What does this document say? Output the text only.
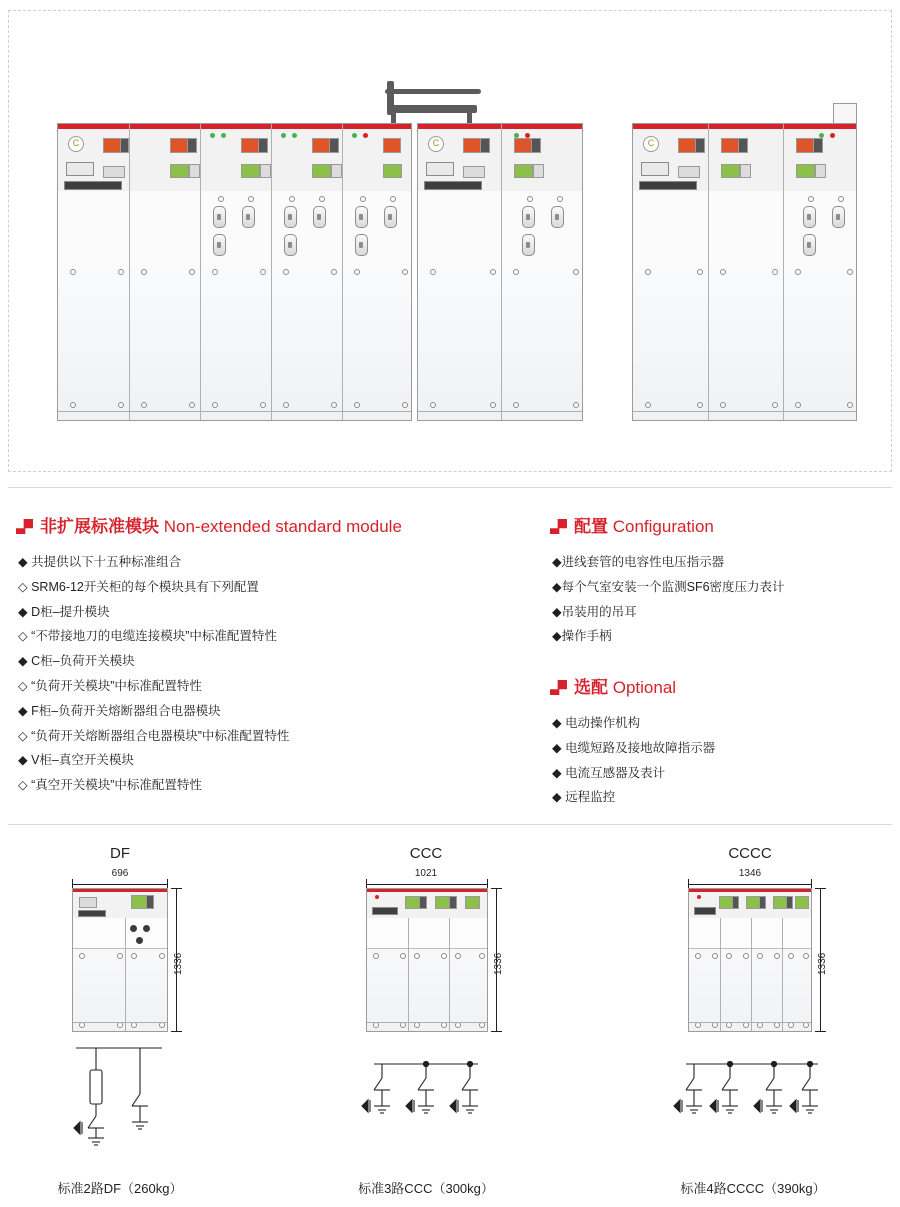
C	C	C
非扩展标准模块 Non-extended standard module
◆ 共提供以下十五种标准组合
◇ SRM6-12开关柜的每个模块具有下列配置
◆ D柜–提升模块
◇ “不带接地刀的电缆连接模块”中标准配置特性
◆ C柜–负荷开关模块
◇ “负荷开关模块”中标准配置特性
◆ F柜–负荷开关熔断器组合电器模块
◇ “负荷开关熔断器组合电器模块”中标准配置特性
◆ V柜–真空开关模块
◇ “真空开关模块”中标准配置特性
配置 Configuration
◆进线套管的电容性电压指示器
◆每个气室安装一个监测SF6密度压力表计
◆吊装用的吊耳
◆操作手柄
选配 Optional
◆ 电动操作机构
◆ 电缆短路及接地故障指示器
◆ 电流互感器及表计
◆ 远程监控
DF
696
1336
标准2路DF（260kg）
CCC
1021
1336
标准3路CCC（300kg）
CCCC
1346
1336
标准4路CCCC（390kg）
